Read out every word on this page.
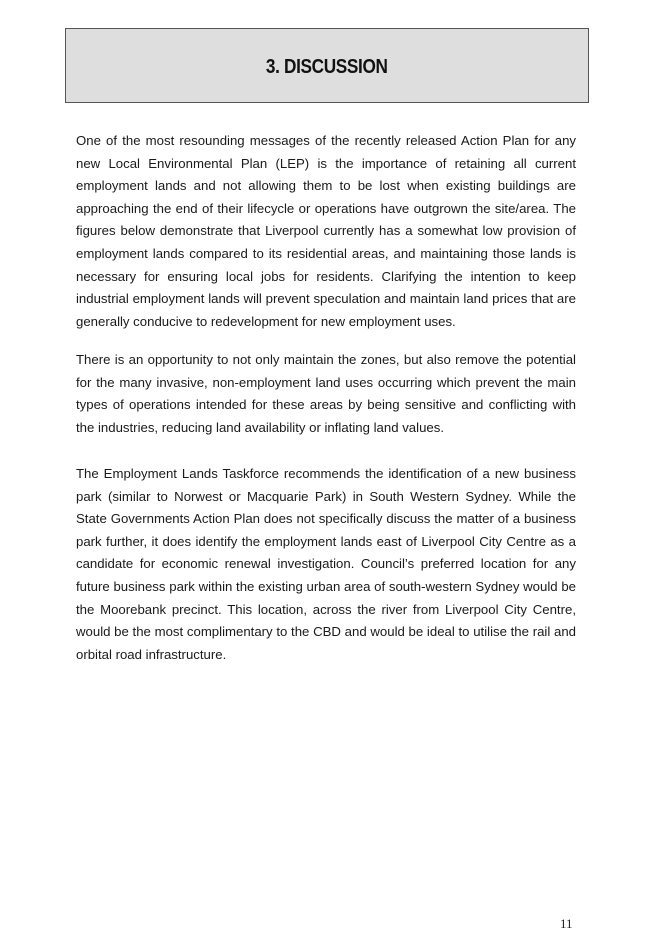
3. DISCUSSION

One of the most resounding messages of the recently released Action Plan for any new Local Environmental Plan (LEP) is the importance of retaining all current employment lands and not allowing them to be lost when existing buildings are approaching the end of their lifecycle or operations have outgrown the site/area. The figures below demonstrate that Liverpool currently has a somewhat low provision of employment lands compared to its residential areas, and maintaining those lands is necessary for ensuring local jobs for residents. Clarifying the intention to keep industrial employment lands will prevent speculation and maintain land prices that are generally conducive to redevelopment for new employment uses.

There is an opportunity to not only maintain the zones, but also remove the potential for the many invasive, non-employment land uses occurring which prevent the main types of operations intended for these areas by being sensitive and conflicting with the industries, reducing land availability or inflating land values.

The Employment Lands Taskforce recommends the identification of a new business park (similar to Norwest or Macquarie Park) in South Western Sydney. While the State Governments Action Plan does not specifically discuss the matter of a business park further, it does identify the employment lands east of Liverpool City Centre as a candidate for economic renewal investigation. Council’s preferred location for any future business park within the existing urban area of south-western Sydney would be the Moorebank precinct. This location, across the river from Liverpool City Centre, would be the most complimentary to the CBD and would be ideal to utilise the rail and orbital road infrastructure.

11
